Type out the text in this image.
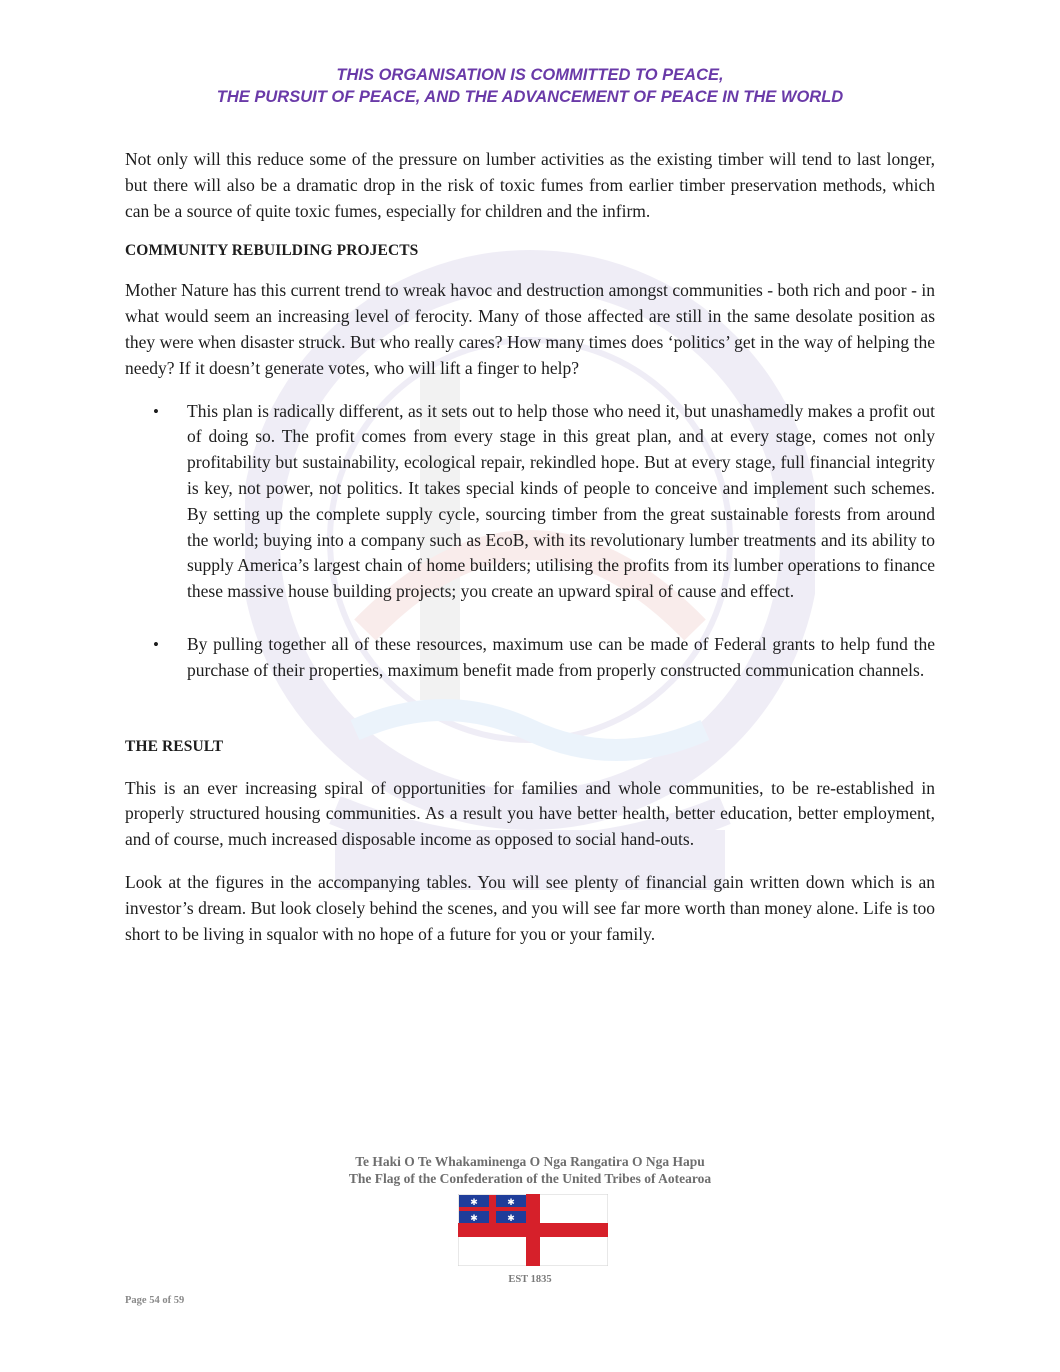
THIS ORGANISATION IS COMMITTED TO PEACE,
THE PURSUIT OF PEACE, AND THE ADVANCEMENT OF PEACE IN THE WORLD

Not only will this reduce some of the pressure on lumber activities as the existing timber will tend to last longer, but there will also be a dramatic drop in the risk of toxic fumes from earlier timber preservation methods, which can be a source of quite toxic fumes, especially for children and the infirm.

COMMUNITY REBUILDING PROJECTS

Mother Nature has this current trend to wreak havoc and destruction amongst communities - both rich and poor - in what would seem an increasing level of ferocity. Many of those affected are still in the same desolate position as they were when disaster struck. But who really cares? How many times does ‘politics’ get in the way of helping the needy? If it doesn’t generate votes, who will lift a finger to help?

• This plan is radically different, as it sets out to help those who need it, but unashamedly makes a profit out of doing so. The profit comes from every stage in this great plan, and at every stage, comes not only profitability but sustainability, ecological repair, rekindled hope. But at every stage, full financial integrity is key, not power, not politics. It takes special kinds of people to conceive and implement such schemes. By setting up the complete supply cycle, sourcing timber from the great sustainable forests from around the world; buying into a company such as EcoB, with its revolutionary lumber treatments and its ability to supply America’s largest chain of home builders; utilising the profits from its lumber operations to finance these massive house building projects; you create an upward spiral of cause and effect.
• By pulling together all of these resources, maximum use can be made of Federal grants to help fund the purchase of their properties, maximum benefit made from properly constructed communication channels.
THE RESULT

This is an ever increasing spiral of opportunities for families and whole communities, to be re-established in properly structured housing communities. As a result you have better health, better education, better employment, and of course, much increased disposable income as opposed to social hand-outs.

Look at the figures in the accompanying tables. You will see plenty of financial gain written down which is an investor’s dream. But look closely behind the scenes, and you will see far more worth than money alone. Life is too short to be living in squalor with no hope of a future for you or your family.

Te Haki O Te Whakaminenga O Nga Rangatira O Nga Hapu
The Flag of the Confederation of the United Tribes of Aotearoa
✱	✱
✱	✱
EST 1835
Page 54 of 59
